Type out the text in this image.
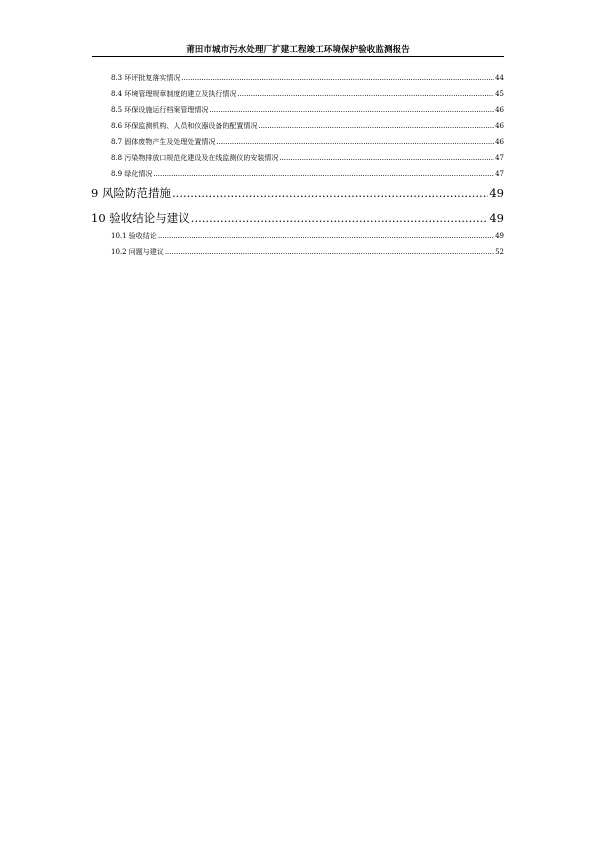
莆田市城市污水处理厂扩建工程竣工环境保护验收监测报告
8.3 环评批复落实情况 .....	44
8.4 环境管理规章制度的建立及执行情况 .....	45
8.5 环保设施运行档案管理情况 .....	46
8.6 环保监测机构、人员和仪器设备的配置情况 .....	46
8.7 固体废物产生及处理处置情况 .....	46
8.8 污染物排放口规范化建设及在线监测仪的安装情况 .....	47
8.9 绿化情况 .....	47
9 风险防范措施 .....	49
10 验收结论与建议 .....	49
10.1 验收结论 .....	49
10.2 问题与建议 .....	52
